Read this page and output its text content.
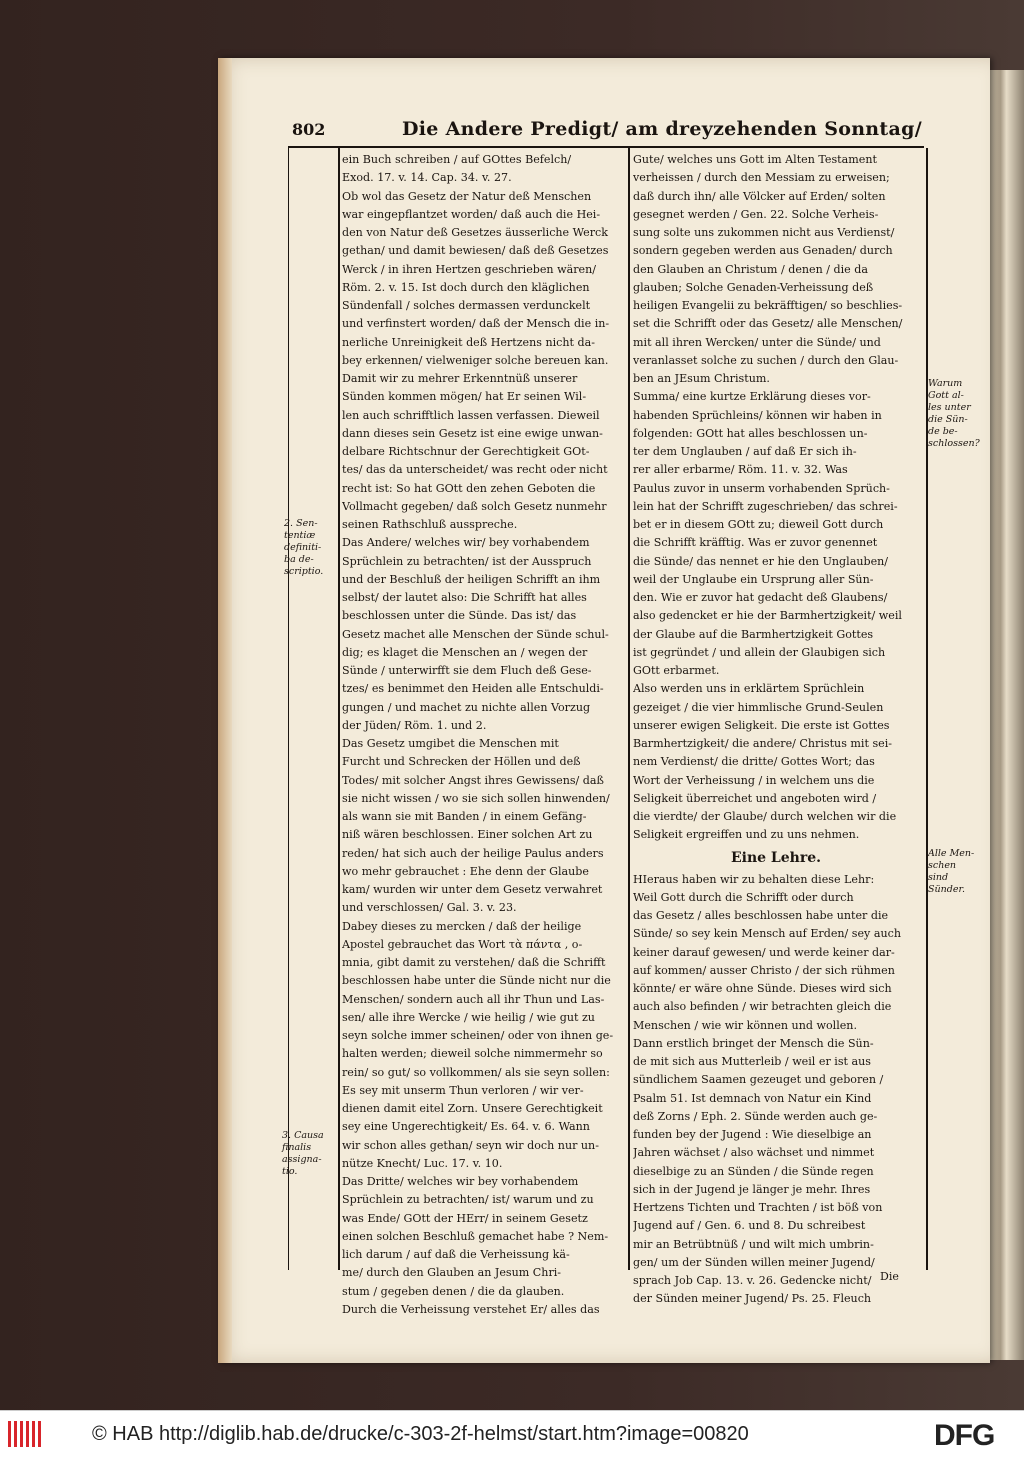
802	Die Andere Predigt/ am dreyzehenden Sonntag/
ein Buch schreiben / auf GOttes Befelch/
Exod. 17. v. 14. Cap. 34. v. 27.
Ob wol das Gesetz der Natur deß Menschen
war eingepflantzet worden/ daß auch die Hei-
den von Natur deß Gesetzes äusserliche Werck
gethan/ und damit bewiesen/ daß deß Gesetzes
Werck / in ihren Hertzen geschrieben wären/
Röm. 2. v. 15. Ist doch durch den kläglichen
Sündenfall / solches dermassen verdunckelt
und verfinstert worden/ daß der Mensch die in-
nerliche Unreinigkeit deß Hertzens nicht da-
bey erkennen/ vielweniger solche bereuen kan.
Damit wir zu mehrer Erkenntnüß unserer
Sünden kommen mögen/ hat Er seinen Wil-
len auch schrifftlich lassen verfassen. Dieweil
dann dieses sein Gesetz ist eine ewige unwan-
delbare Richtschnur der Gerechtigkeit GOt-
tes/ das da unterscheidet/ was recht oder nicht
recht ist: So hat GOtt den zehen Geboten die
Vollmacht gegeben/ daß solch Gesetz nunmehr
seinen Rathschluß ausspreche.
Das Andere/ welches wir/ bey vorhabendem
Sprüchlein zu betrachten/ ist der Ausspruch
und der Beschluß der heiligen Schrifft an ihm
selbst/ der lautet also: Die Schrifft hat alles
beschlossen unter die Sünde. Das ist/ das
Gesetz machet alle Menschen der Sünde schul-
dig; es klaget die Menschen an / wegen der
Sünde / unterwirfft sie dem Fluch deß Gese-
tzes/ es benimmet den Heiden alle Entschuldi-
gungen / und machet zu nichte allen Vorzug
der Jüden/ Röm. 1. und 2.
Das Gesetz umgibet die Menschen mit
Furcht und Schrecken der Höllen und deß
Todes/ mit solcher Angst ihres Gewissens/ daß
sie nicht wissen / wo sie sich sollen hinwenden/
als wann sie mit Banden / in einem Gefäng-
niß wären beschlossen. Einer solchen Art zu
reden/ hat sich auch der heilige Paulus anders
wo mehr gebrauchet : Ehe denn der Glaube
kam/ wurden wir unter dem Gesetz verwahret
und verschlossen/ Gal. 3. v. 23.
Dabey dieses zu mercken / daß der heilige
Apostel gebrauchet das Wort τὰ πάντα , o-
mnia, gibt damit zu verstehen/ daß die Schrifft
beschlossen habe unter die Sünde nicht nur die
Menschen/ sondern auch all ihr Thun und Las-
sen/ alle ihre Wercke / wie heilig / wie gut zu
seyn solche immer scheinen/ oder von ihnen ge-
halten werden; dieweil solche nimmermehr so
rein/ so gut/ so vollkommen/ als sie seyn sollen:
Es sey mit unserm Thun verloren / wir ver-
dienen damit eitel Zorn. Unsere Gerechtigkeit
sey eine Ungerechtigkeit/ Es. 64. v. 6. Wann
wir schon alles gethan/ seyn wir doch nur un-
nütze Knecht/ Luc. 17. v. 10.
Das Dritte/ welches wir bey vorhabendem
Sprüchlein zu betrachten/ ist/ warum und zu
was Ende/ GOtt der HErr/ in seinem Gesetz
einen solchen Beschluß gemachet habe ? Nem-
lich darum / auf daß die Verheissung kä-
me/ durch den Glauben an Jesum Chri-
stum / gegeben denen / die da glauben.
Durch die Verheissung verstehet Er/ alles das
Gute/ welches uns Gott im Alten Testament
verheissen / durch den Messiam zu erweisen;
daß durch ihn/ alle Völcker auf Erden/ solten
gesegnet werden / Gen. 22. Solche Verheis-
sung solte uns zukommen nicht aus Verdienst/
sondern gegeben werden aus Genaden/ durch
den Glauben an Christum / denen / die da
glauben; Solche Genaden-Verheissung deß
heiligen Evangelii zu bekräfftigen/ so beschlies-
set die Schrifft oder das Gesetz/ alle Menschen/
mit all ihren Wercken/ unter die Sünde/ und
veranlasset solche zu suchen / durch den Glau-
ben an JEsum Christum.
Summa/ eine kurtze Erklärung dieses vor-
habenden Sprüchleins/ können wir haben in
folgenden: GOtt hat alles beschlossen un-
ter dem Unglauben / auf daß Er sich ih-
rer aller erbarme/ Röm. 11. v. 32. Was
Paulus zuvor in unserm vorhabenden Sprüch-
lein hat der Schrifft zugeschrieben/ das schrei-
bet er in diesem GOtt zu; dieweil Gott durch
die Schrifft kräfftig. Was er zuvor genennet
die Sünde/ das nennet er hie den Unglauben/
weil der Unglaube ein Ursprung aller Sün-
den. Wie er zuvor hat gedacht deß Glaubens/
also gedencket er hie der Barmhertzigkeit/ weil
der Glaube auf die Barmhertzigkeit Gottes
ist gegründet / und allein der Glaubigen sich
GOtt erbarmet.
Also werden uns in erklärtem Sprüchlein
gezeiget / die vier himmlische Grund-Seulen
unserer ewigen Seligkeit. Die erste ist Gottes
Barmhertzigkeit/ die andere/ Christus mit sei-
nem Verdienst/ die dritte/ Gottes Wort; das
Wort der Verheissung / in welchem uns die
Seligkeit überreichet und angeboten wird /
die vierdte/ der Glaube/ durch welchen wir die
Seligkeit ergreiffen und zu uns nehmen.
Eine Lehre.
HIeraus haben wir zu behalten diese Lehr:
Weil Gott durch die Schrifft oder durch
das Gesetz / alles beschlossen habe unter die
Sünde/ so sey kein Mensch auf Erden/ sey auch
keiner darauf gewesen/ und werde keiner dar-
auf kommen/ ausser Christo / der sich rühmen
könnte/ er wäre ohne Sünde. Dieses wird sich
auch also befinden / wir betrachten gleich die
Menschen / wie wir können und wollen.
Dann erstlich bringet der Mensch die Sün-
de mit sich aus Mutterleib / weil er ist aus
sündlichem Saamen gezeuget und geboren /
Psalm 51. Ist demnach von Natur ein Kind
deß Zorns / Eph. 2. Sünde werden auch ge-
funden bey der Jugend : Wie dieselbige an
Jahren wächset / also wächset und nimmet
dieselbige zu an Sünden / die Sünde regen
sich in der Jugend je länger je mehr. Ihres
Hertzens Tichten und Trachten / ist böß von
Jugend auf / Gen. 6. und 8. Du schreibest
mir an Betrübtnüß / und wilt mich umbrin-
gen/ um der Sünden willen meiner Jugend/
sprach Job Cap. 13. v. 26. Gedencke nicht/
der Sünden meiner Jugend/ Ps. 25. Fleuch
2. Sen-
tentiæ
definiti-
ba de-
scriptio.
3. Causa
finalis
assigna-
tio.
Warum
Gott al-
les unter
die Sün-
de be-
schlossen?
Alle Men-
schen
sind
Sünder.
Die
© HAB http://diglib.hab.de/drucke/c-303-2f-helmst/start.htm?image=00820	DFG
